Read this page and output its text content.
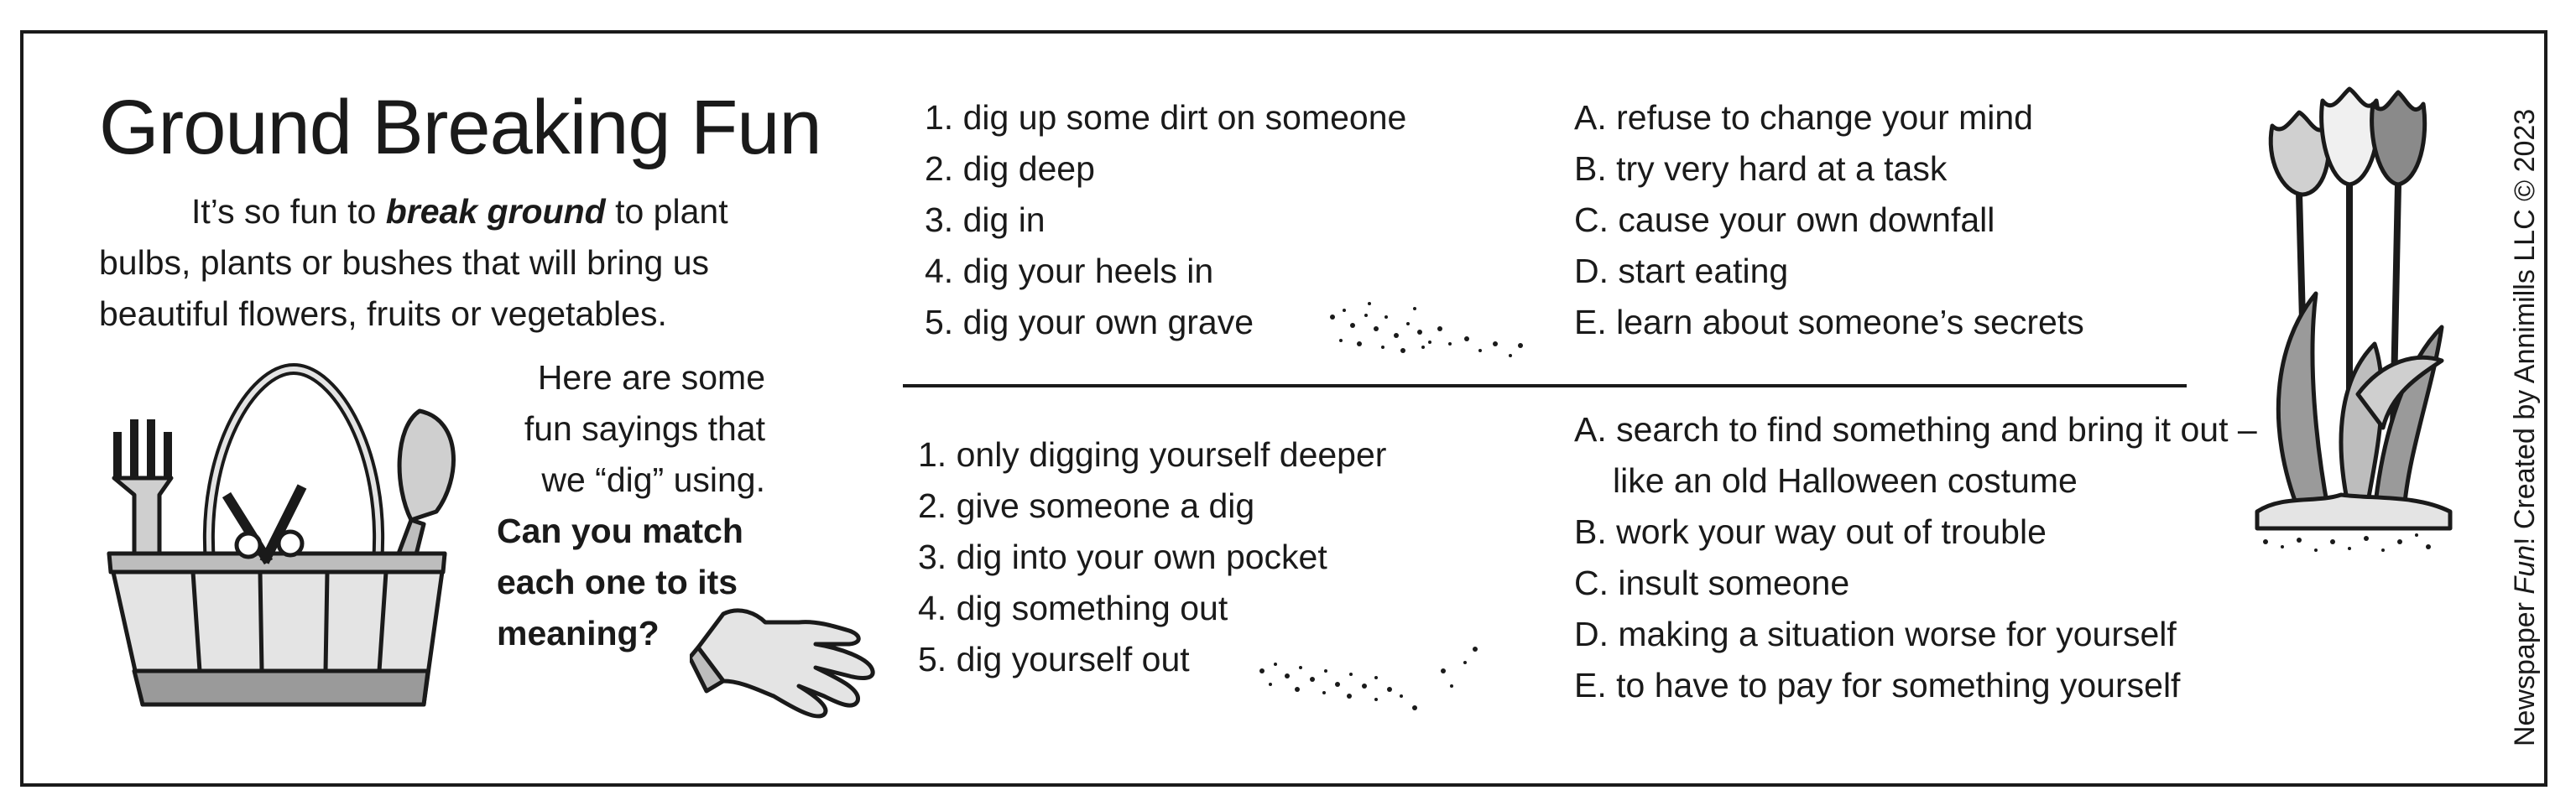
Ground Breaking Fun

It’s so fun to break ground to plant bulbs, plants or bushes that will bring us beautiful flowers, fruits or vegetables.

Here are some fun sayings that we “dig” using.
Can you match each one to its meaning?
1. dig up some dirt on someone
2. dig deep
3. dig in
4. dig your heels in
5. dig your own grave
A. refuse to change your mind
B. try very hard at a task
C. cause your own downfall
D. start eating
E. learn about someone’s secrets
1. only digging yourself deeper
2. give someone a dig
3. dig into your own pocket
4. dig something out
5. dig yourself out
A. search to find something and bring it out –
like an old Halloween costume
B. work your way out of trouble
C. insult someone
D. making a situation worse for yourself
E. to have to pay for something yourself	Newspaper Fun! Created by Annimills LLC © 2023
